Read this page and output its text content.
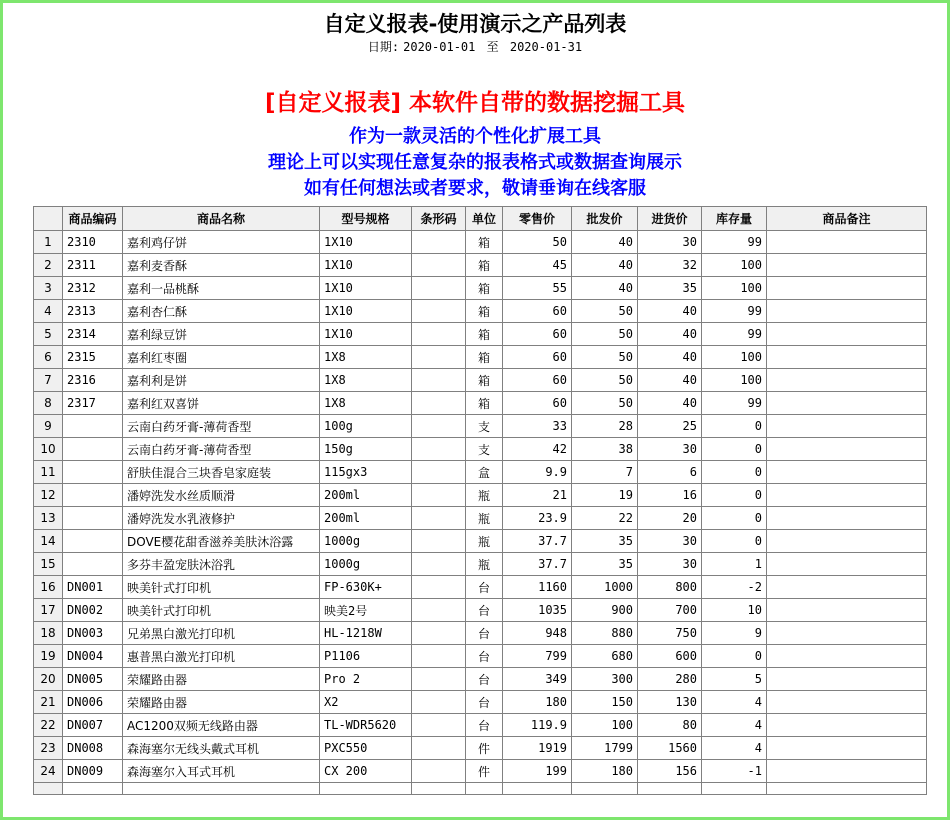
自定义报表-使用演示之产品列表
日期: 2020-01-01 至 2020-01-31
[自定义报表] 本软件自带的数据挖掘工具
作为一款灵活的个性化扩展工具
理论上可以实现任意复杂的报表格式或数据查询展示
如有任何想法或者要求，敬请垂询在线客服
	商品编码	商品名称	型号规格	条形码	单位	零售价	批发价	进货价	库存量	商品备注
1	2310	嘉利鸡仔饼	1X10		箱	50	40	30	99	
2	2311	嘉利麦香酥	1X10		箱	45	40	32	100	
3	2312	嘉利一品桃酥	1X10		箱	55	40	35	100	
4	2313	嘉利杏仁酥	1X10		箱	60	50	40	99	
5	2314	嘉利绿豆饼	1X10		箱	60	50	40	99	
6	2315	嘉利红枣圈	1X8		箱	60	50	40	100	
7	2316	嘉利利是饼	1X8		箱	60	50	40	100	
8	2317	嘉利红双喜饼	1X8		箱	60	50	40	99	
9		云南白药牙膏-薄荷香型	100g		支	33	28	25	0	
10		云南白药牙膏-薄荷香型	150g		支	42	38	30	0	
11		舒肤佳混合三块香皂家庭装	115gx3		盒	9.9	7	6	0	
12		潘婷洗发水丝质顺滑	200ml		瓶	21	19	16	0	
13		潘婷洗发水乳液修护	200ml		瓶	23.9	22	20	0	
14		DOVE樱花甜香滋养美肤沐浴露	1000g		瓶	37.7	35	30	0	
15		多芬丰盈宠肤沐浴乳	1000g		瓶	37.7	35	30	1	
16	DN001	映美针式打印机	FP-630K+		台	1160	1000	800	-2	
17	DN002	映美针式打印机	映美2号		台	1035	900	700	10	
18	DN003	兄弟黑白激光打印机	HL-1218W		台	948	880	750	9	
19	DN004	惠普黑白激光打印机	P1106		台	799	680	600	0	
20	DN005	荣耀路由器	Pro 2		台	349	300	280	5	
21	DN006	荣耀路由器	X2		台	180	150	130	4	
22	DN007	AC1200双频无线路由器	TL-WDR5620		台	119.9	100	80	4	
23	DN008	森海塞尔无线头戴式耳机	PXC550		件	1919	1799	1560	4	
24	DN009	森海塞尔入耳式耳机	CX 200		件	199	180	156	-1	
